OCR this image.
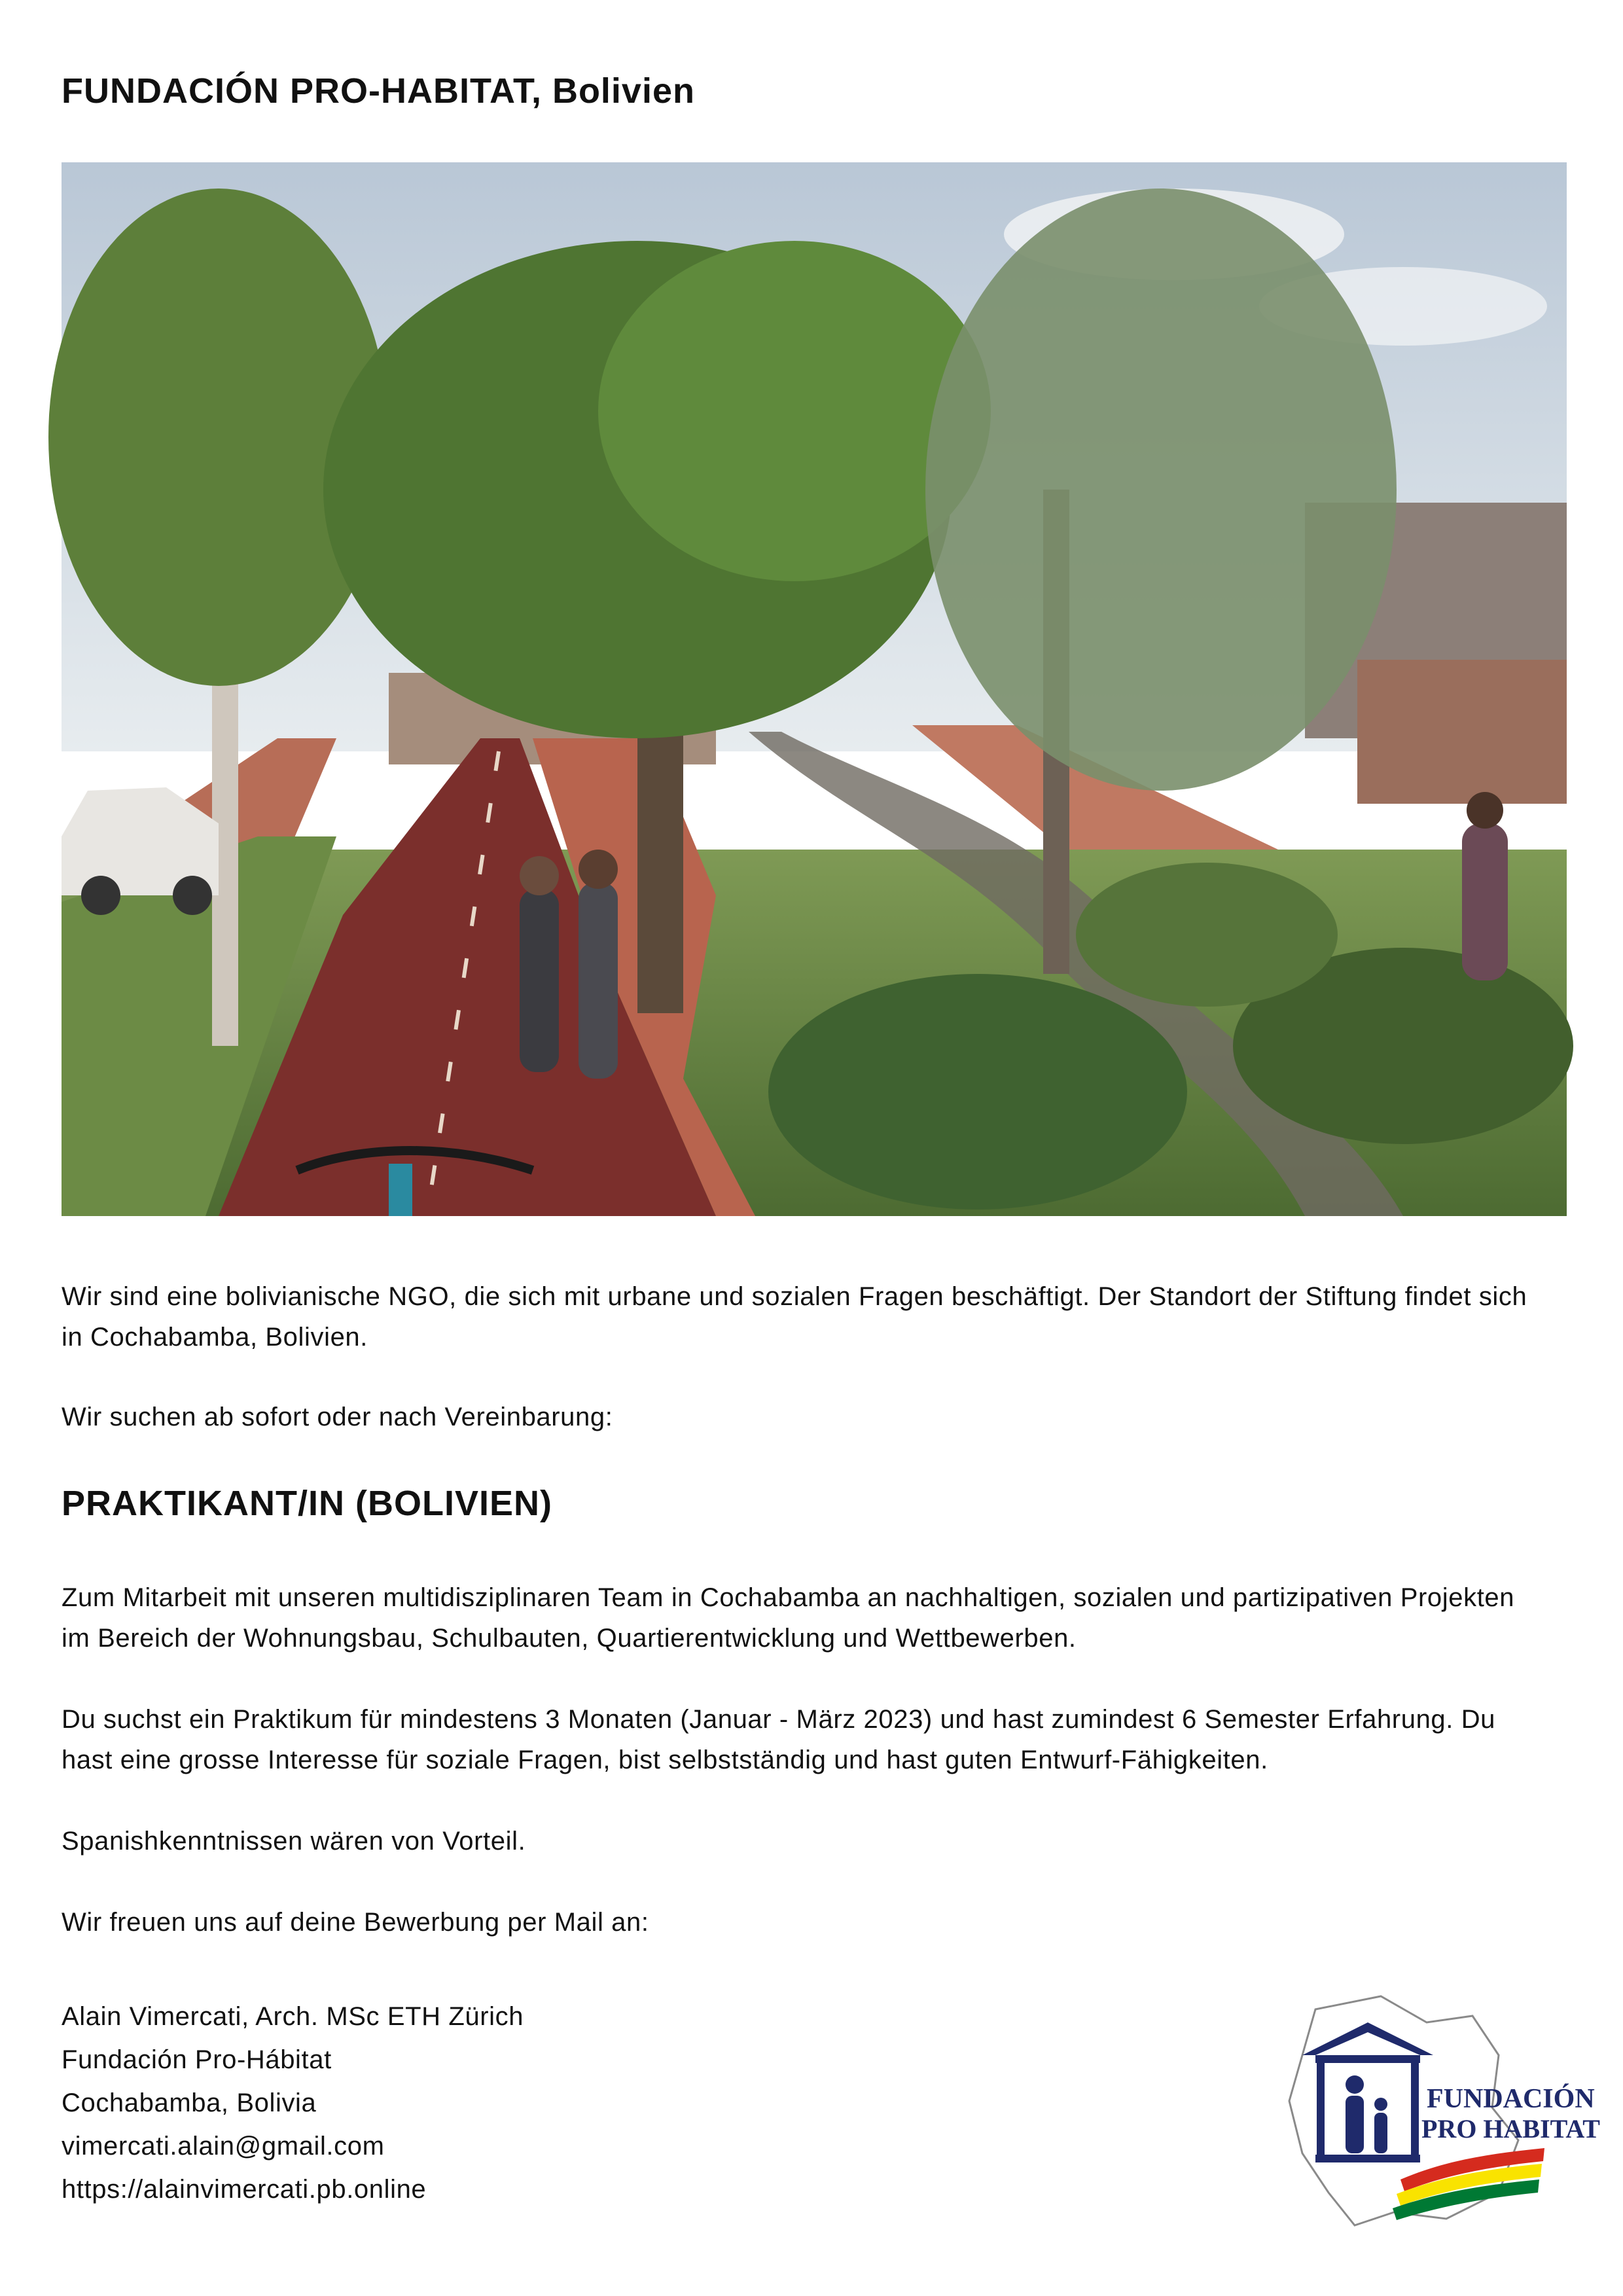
FUNDACIÓN PRO-HABITAT, Bolivien

Wir sind eine bolivianische NGO, die sich mit urbane und sozialen Fragen beschäftigt. Der Standort der Stiftung findet sich in Cochabamba, Bolivien.

Wir suchen ab sofort oder nach Vereinbarung:

PRAKTIKANT/IN (BOLIVIEN)

Zum Mitarbeit mit unseren multidisziplinaren Team in Cochabamba an nachhaltigen, sozialen und partizipativen Projekten im Bereich der Wohnungsbau, Schulbauten, Quartierentwicklung und Wettbewerben.

Du suchst ein Praktikum für mindestens 3 Monaten (Januar - März 2023) und hast zumindest 6 Semester Erfahrung. Du hast eine grosse Interesse für soziale Fragen, bist selbstständig und hast guten Entwurf-Fähigkeiten.

Spanishkenntnissen wären von Vorteil.

Wir freuen uns auf deine Bewerbung per Mail an:

Alain Vimercati, Arch. MSc ETH Zürich
Fundación Pro-Hábitat
Cochabamba, Bolivia
vimercati.alain@gmail.com
https://alainvimercati.pb.online
FUNDACIÓN
PRO HABITAT
